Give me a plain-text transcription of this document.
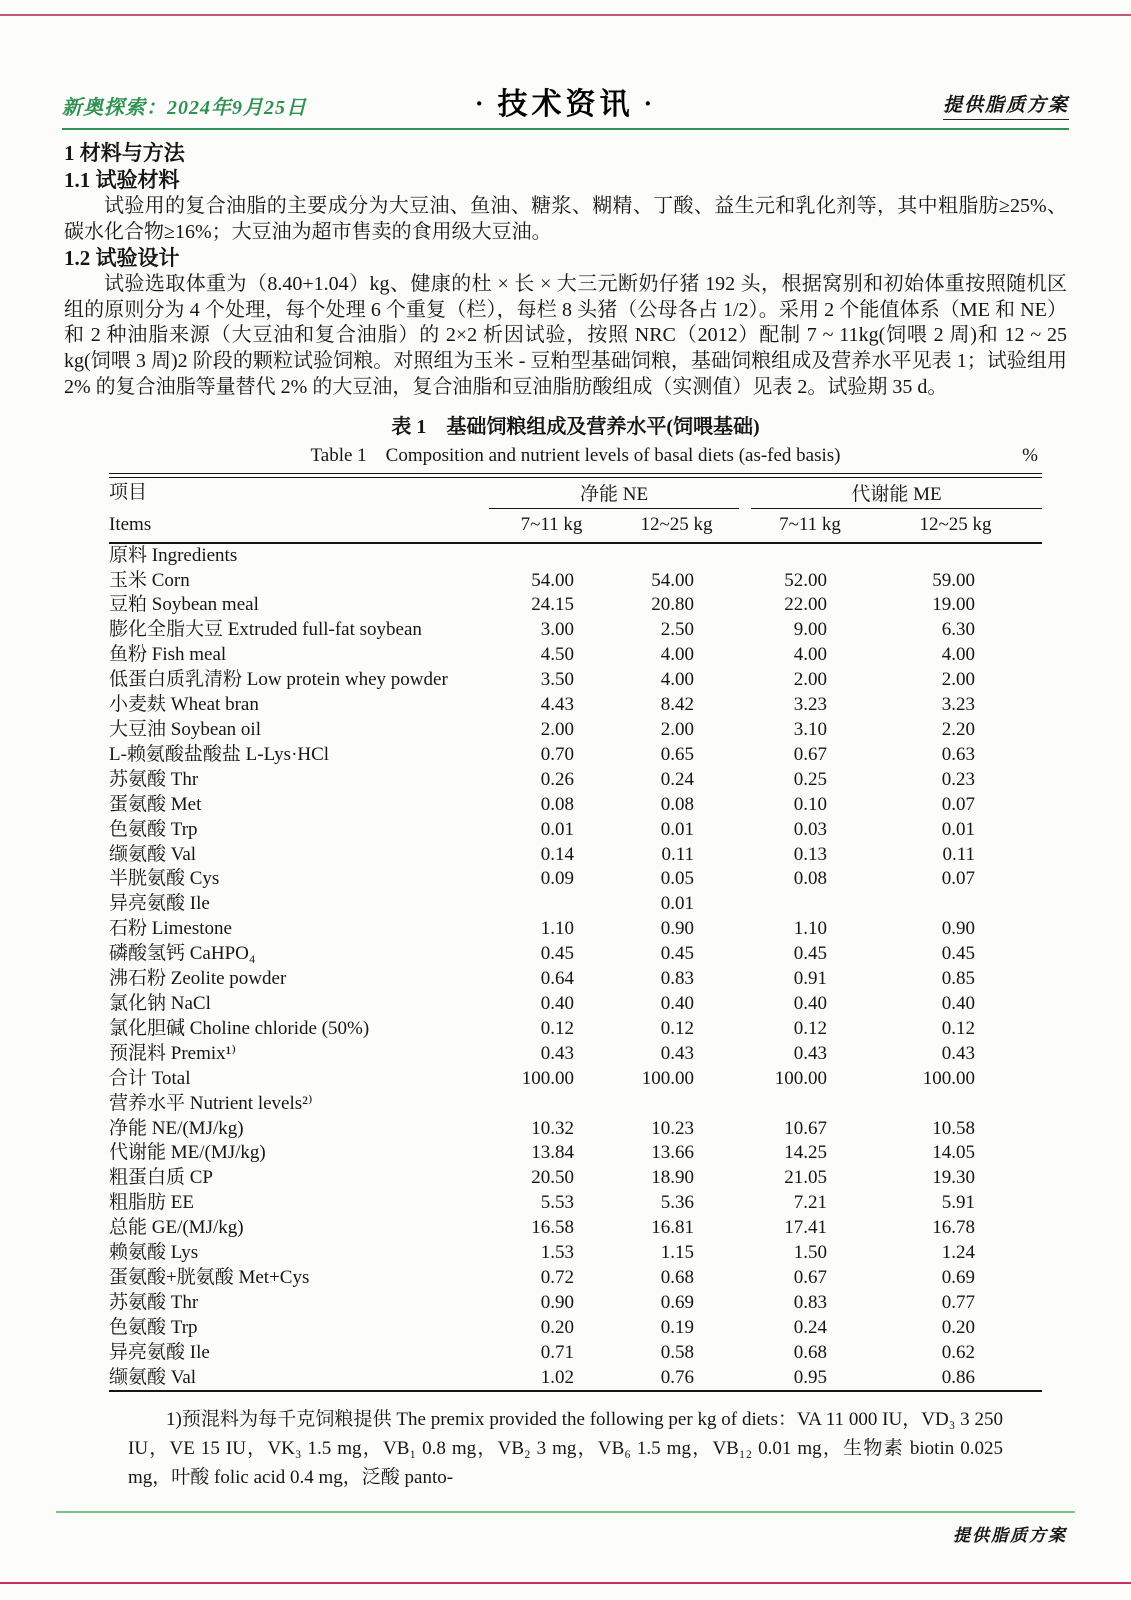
新奥探索：2024年9月25日	· 技术资讯 ·	提供脂质方案
1 材料与方法
1.1 试验材料

试验用的复合油脂的主要成分为大豆油、鱼油、糖浆、糊精、丁酸、益生元和乳化剂等，其中粗脂肪≥25%、碳水化合物≥16%；大豆油为超市售卖的食用级大豆油。

1.2 试验设计

试验选取体重为（8.40+1.04）kg、健康的杜 × 长 × 大三元断奶仔猪 192 头，根据窝别和初始体重按照随机区组的原则分为 4 个处理，每个处理 6 个重复（栏），每栏 8 头猪（公母各占 1/2）。采用 2 个能值体系（ME 和 NE）和 2 种油脂来源（大豆油和复合油脂）的 2×2 析因试验，按照 NRC（2012）配制 7 ~ 11kg(饲喂 2 周)和 12 ~ 25 kg(饲喂 3 周)2 阶段的颗粒试验饲粮。对照组为玉米 - 豆粕型基础饲粮，基础饲粮组成及营养水平见表 1；试验组用 2% 的复合油脂等量替代 2% 的大豆油，复合油脂和豆油脂肪酸组成（实测值）见表 2。试验期 35 d。

表 1　基础饲粮组成及营养水平(饲喂基础)
Table 1　Composition and nutrient levels of basal diets (as-fed basis)	%
项目
Items	净能 NE			代谢能 ME	
	7~11 kg	12~25 kg		7~11 kg	12~25 kg
原料 Ingredients					
玉米 Corn	54.00	54.00		52.00	59.00
豆粕 Soybean meal	24.15	20.80		22.00	19.00
膨化全脂大豆 Extruded full-fat soybean	3.00	2.50		9.00	6.30
鱼粉 Fish meal	4.50	4.00		4.00	4.00
低蛋白质乳清粉 Low protein whey powder	3.50	4.00		2.00	2.00
小麦麸 Wheat bran	4.43	8.42		3.23	3.23
大豆油 Soybean oil	2.00	2.00		3.10	2.20
L-赖氨酸盐酸盐 L-Lys·HCl	0.70	0.65		0.67	0.63
苏氨酸 Thr	0.26	0.24		0.25	0.23
蛋氨酸 Met	0.08	0.08		0.10	0.07
色氨酸 Trp	0.01	0.01		0.03	0.01
缬氨酸 Val	0.14	0.11		0.13	0.11
半胱氨酸 Cys	0.09	0.05		0.08	0.07
异亮氨酸 Ile		0.01			
石粉 Limestone	1.10	0.90		1.10	0.90
磷酸氢钙 CaHPO₄	0.45	0.45		0.45	0.45
沸石粉 Zeolite powder	0.64	0.83		0.91	0.85
氯化钠 NaCl	0.40	0.40		0.40	0.40
氯化胆碱 Choline chloride (50%)	0.12	0.12		0.12	0.12
预混料 Premix¹⁾	0.43	0.43		0.43	0.43
合计 Total	100.00	100.00		100.00	100.00
营养水平 Nutrient levels²⁾					
净能 NE/(MJ/kg)	10.32	10.23		10.67	10.58
代谢能 ME/(MJ/kg)	13.84	13.66		14.25	14.05
粗蛋白质 CP	20.50	18.90		21.05	19.30
粗脂肪 EE	5.53	5.36		7.21	5.91
总能 GE/(MJ/kg)	16.58	16.81		17.41	16.78
赖氨酸 Lys	1.53	1.15		1.50	1.24
蛋氨酸+胱氨酸 Met+Cys	0.72	0.68		0.67	0.69
苏氨酸 Thr	0.90	0.69		0.83	0.77
色氨酸 Trp	0.20	0.19		0.24	0.20
异亮氨酸 Ile	0.71	0.58		0.68	0.62
缬氨酸 Val	1.02	0.76		0.95	0.86

1)预混料为每千克饲粮提供 The premix provided the following per kg of diets：VA 11 000 IU，VD₃ 3 250 IU，VE 15 IU，VK₃ 1.5 mg，VB₁ 0.8 mg，VB₂ 3 mg，VB₆ 1.5 mg，VB₁₂ 0.01 mg，生物素 biotin 0.025 mg，叶酸 folic acid 0.4 mg，泛酸 panto-

提供脂质方案
